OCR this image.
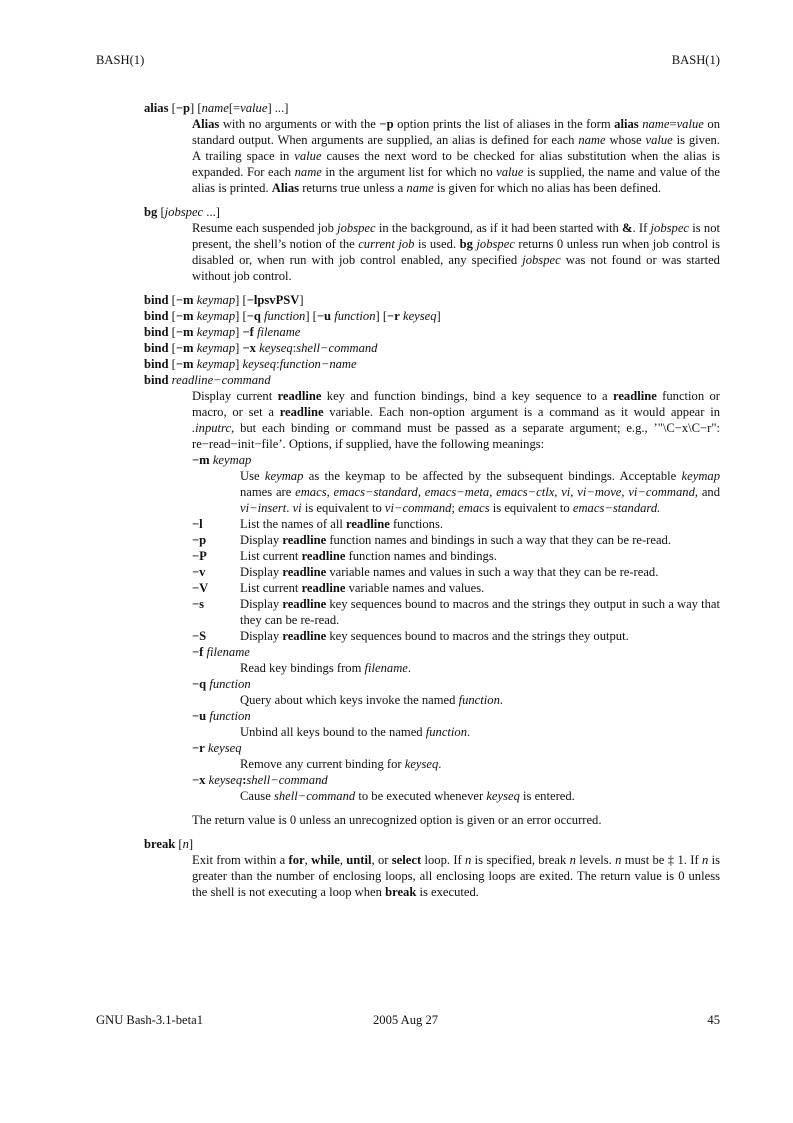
BASH(1)	BASH(1)

alias [−p] [name[=value] ...]

Alias with no arguments or with the −p option prints the list of aliases in the form alias name=value on standard output. When arguments are supplied, an alias is defined for each name whose value is given. A trailing space in value causes the next word to be checked for alias substitution when the alias is expanded. For each name in the argument list for which no value is supplied, the name and value of the alias is printed. Alias returns true unless a name is given for which no alias has been defined.

bg [jobspec ...]

Resume each suspended job jobspec in the background, as if it had been started with &. If jobspec is not present, the shell’s notion of the current job is used. bg jobspec returns 0 unless run when job control is disabled or, when run with job control enabled, any specified jobspec was not found or was started without job control.

bind [−m keymap] [−lpsvPSV]

bind [−m keymap] [−q function] [−u function] [−r keyseq]

bind [−m keymap] −f filename

bind [−m keymap] −x keyseq:shell−command

bind [−m keymap] keyseq:function−name

bind readline−command

Display current readline key and function bindings, bind a key sequence to a readline function or macro, or set a readline variable. Each non-option argument is a command as it would appear in .inputrc, but each binding or command must be passed as a separate argument; e.g., ’"\C−x\C−r": re−read−init−file’. Options, if supplied, have the following meanings:

−m keymap

Use keymap as the keymap to be affected by the subsequent bindings. Acceptable keymap names are emacs, emacs−standard, emacs−meta, emacs−ctlx, vi, vi−move, vi−command, and vi−insert. vi is equivalent to vi−command; emacs is equivalent to emacs−standard.

−l	List the names of all readline functions.
−p	Display readline function names and bindings in such a way that they can be re-read.
−P	List current readline function names and bindings.
−v	Display readline variable names and values in such a way that they can be re-read.
−V	List current readline variable names and values.
−s	Display readline key sequences bound to macros and the strings they output in such a way that they can be re-read.
−S	Display readline key sequences bound to macros and the strings they output.

−f filename

Read key bindings from filename.

−q function

Query about which keys invoke the named function.

−u function

Unbind all keys bound to the named function.

−r keyseq

Remove any current binding for keyseq.

−x keyseq:shell−command

Cause shell−command to be executed whenever keyseq is entered.

The return value is 0 unless an unrecognized option is given or an error occurred.

break [n]

Exit from within a for, while, until, or select loop. If n is specified, break n levels. n must be ‡ 1. If n is greater than the number of enclosing loops, all enclosing loops are exited. The return value is 0 unless the shell is not executing a loop when break is executed.

GNU Bash-3.1-beta1	2005 Aug 27	45
